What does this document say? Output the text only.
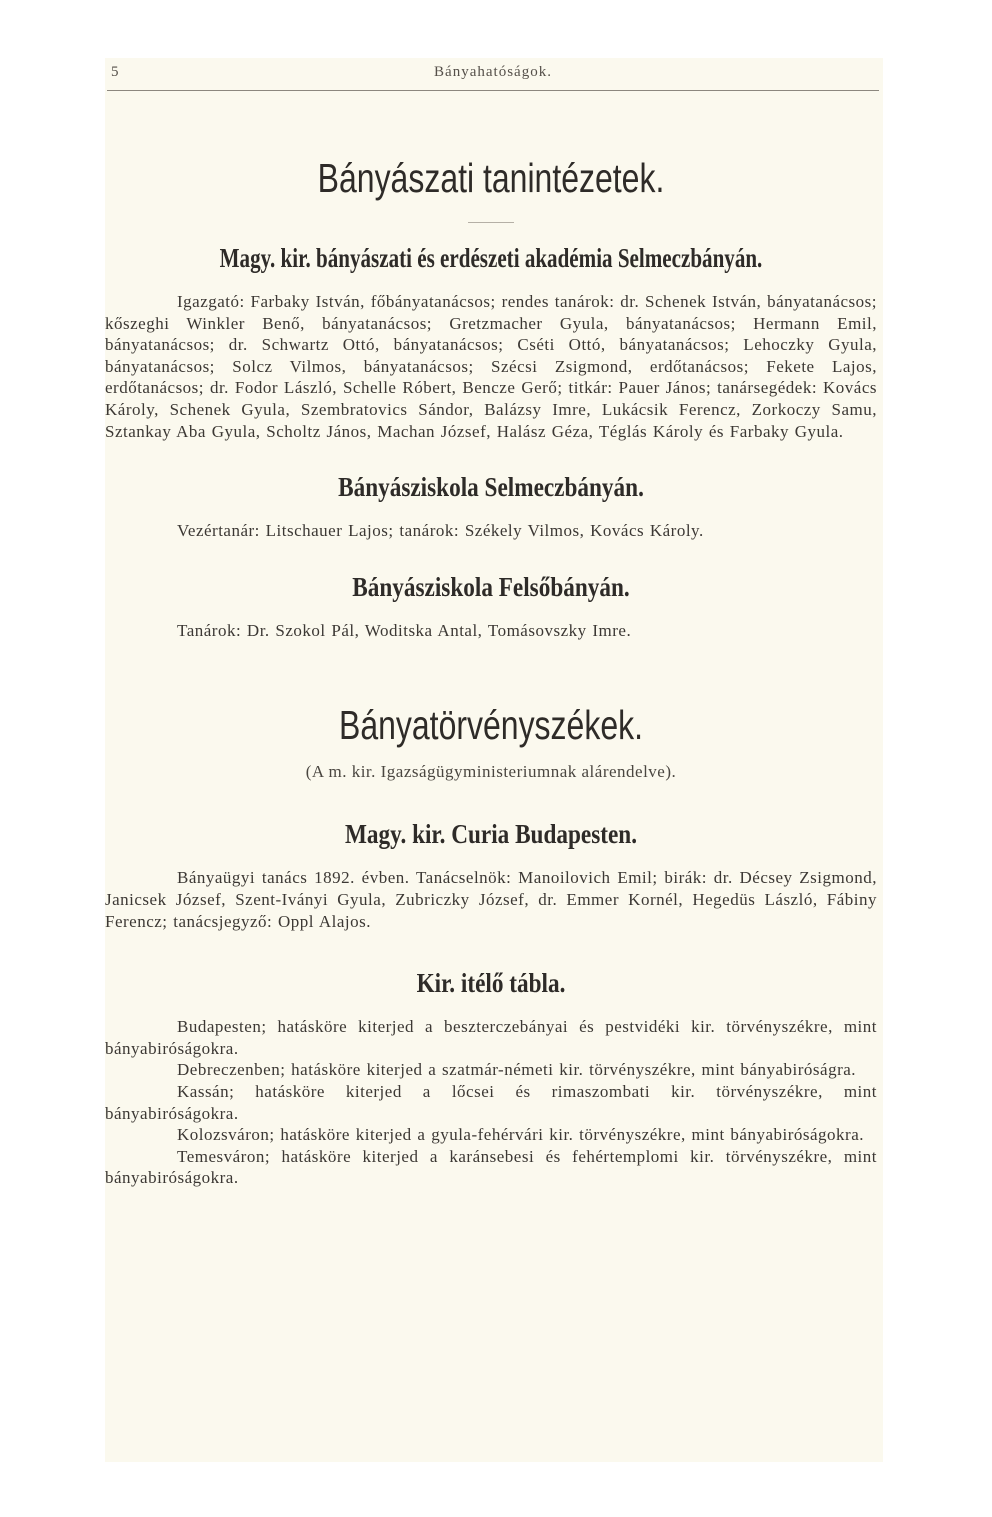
5	Bányahatóságok.
Bányászati tanintézetek.
Magy. kir. bányászati és erdészeti akadémia Selmeczbányán.

Igazgató: Farbaky István, főbányatanácsos; rendes tanárok: dr. Schenek István, bányatanácsos; kőszeghi Winkler Benő, bányatanácsos; Gretzmacher Gyula, bányatanácsos; Hermann Emil, bányatanácsos; dr. Schwartz Ottó, bányatanácsos; Cséti Ottó, bányatanácsos; Lehoczky Gyula, bányatanácsos; Solcz Vilmos, bányatanácsos; Szécsi Zsigmond, erdőtanácsos; Fekete Lajos, erdőtanácsos; dr. Fodor László, Schelle Róbert, Bencze Gerő; titkár: Pauer János; tanársegédek: Kovács Károly, Schenek Gyula, Szembratovics Sándor, Balázsy Imre, Lukácsik Ferencz, Zorkoczy Samu, Sztankay Aba Gyula, Scholtz János, Machan József, Halász Géza, Téglás Károly és Farbaky Gyula.

Bányásziskola Selmeczbányán.

Vezértanár: Litschauer Lajos; tanárok: Székely Vilmos, Kovács Károly.

Bányásziskola Felsőbányán.

Tanárok: Dr. Szokol Pál, Woditska Antal, Tomásovszky Imre.

Bányatörvényszékek.
(A m. kir. Igazságügyministeriumnak alárendelve).
Magy. kir. Curia Budapesten.

Bányaügyi tanács 1892. évben. Tanácselnök: Manoilovich Emil; birák: dr. Décsey Zsigmond, Janicsek József, Szent-Iványi Gyula, Zubriczky József, dr. Emmer Kornél, Hegedüs László, Fábiny Ferencz; tanácsjegyző: Oppl Alajos.

Kir. itélő tábla.

Budapesten; hatásköre kiterjed a beszterczebányai és pestvidéki kir. törvényszékre, mint bányabiróságokra.

Debreczenben; hatásköre kiterjed a szatmár-németi kir. törvényszékre, mint bányabiróságra.

Kassán; hatásköre kiterjed a lőcsei és rimaszombati kir. törvényszékre, mint bányabiróságokra.

Kolozsváron; hatásköre kiterjed a gyula-fehérvári kir. törvényszékre, mint bányabiróságokra.

Temesváron; hatásköre kiterjed a karánsebesi és fehértemplomi kir. törvényszékre, mint bányabiróságokra.
